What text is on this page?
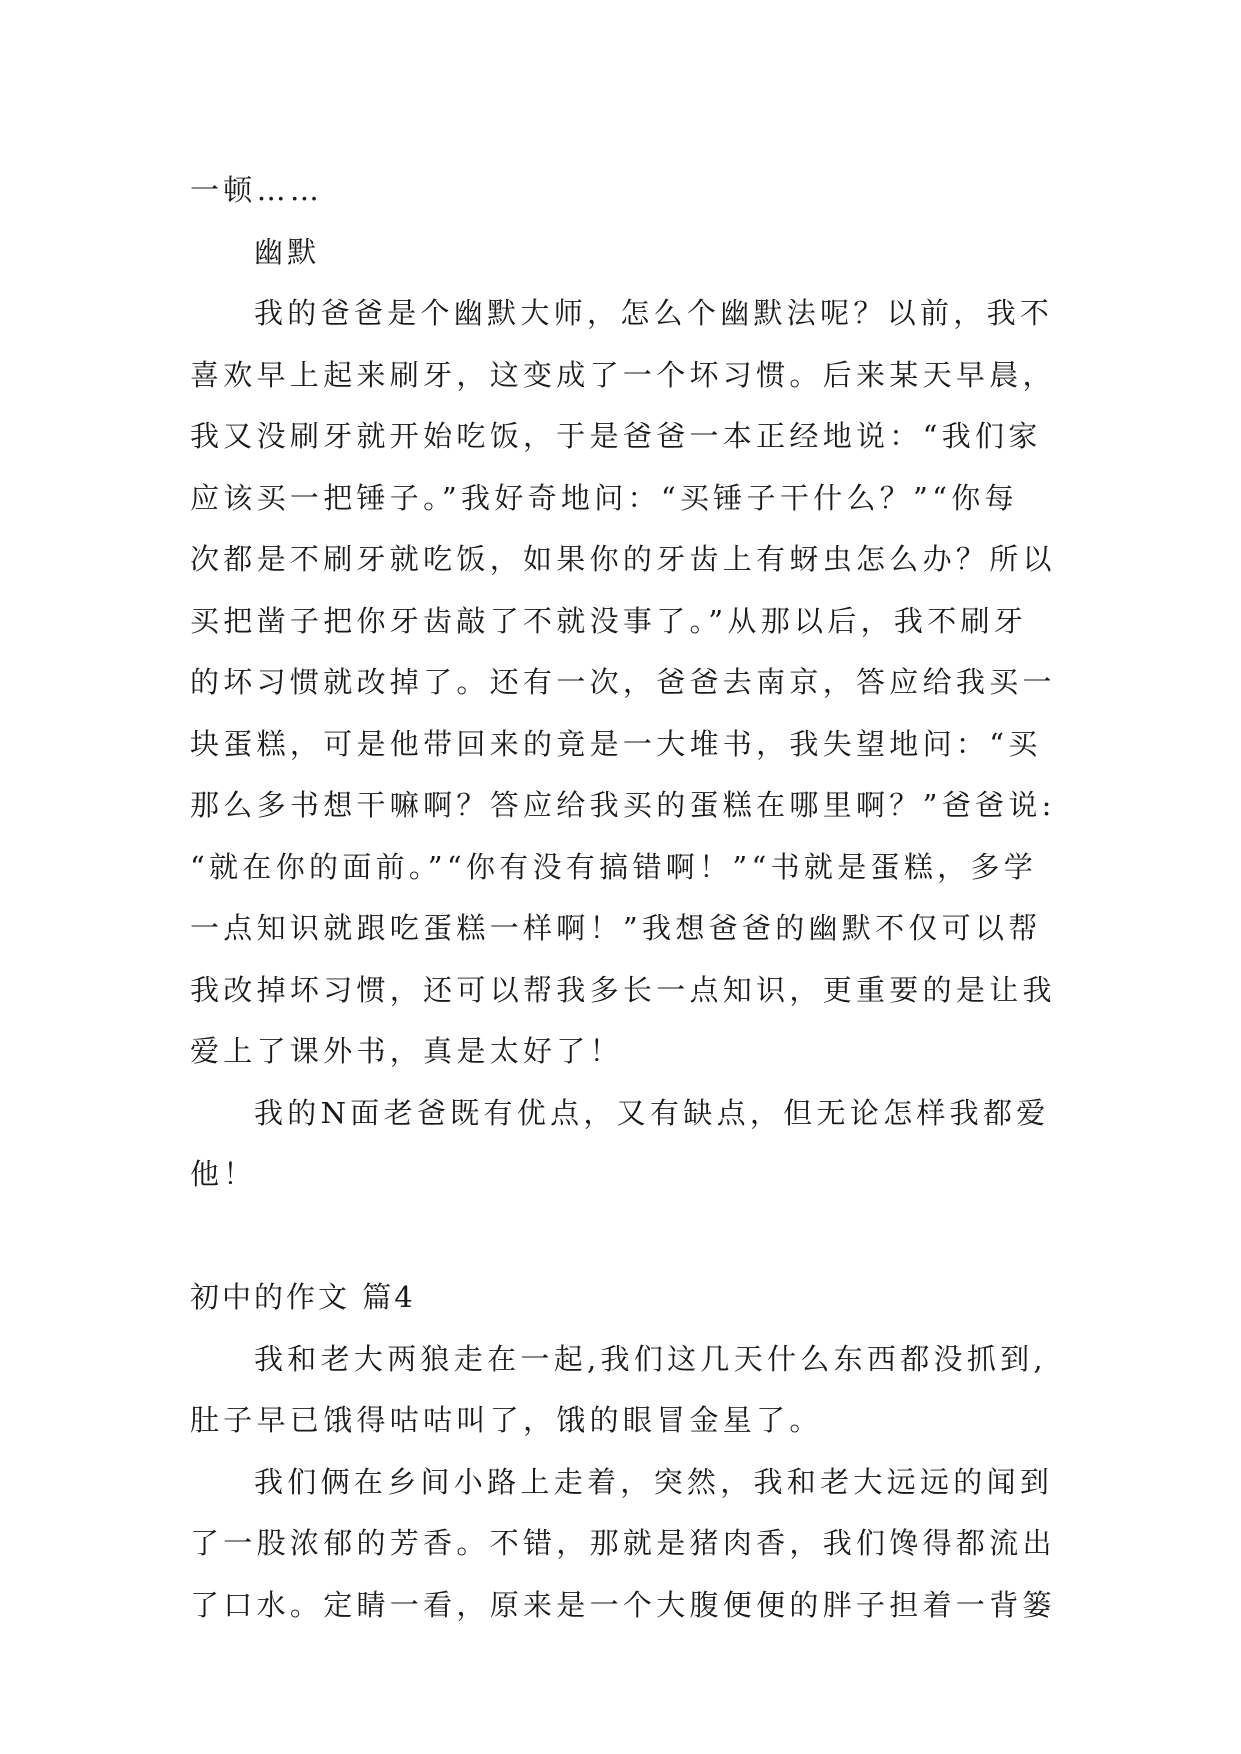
一顿……
幽默
我的爸爸是个幽默大师，怎么个幽默法呢？以前，我不
喜欢早上起来刷牙，这变成了一个坏习惯。后来某天早晨，
我又没刷牙就开始吃饭，于是爸爸一本正经地说：“我们家
应该买一把锤子。”我好奇地问：“买锤子干什么？”“你每
次都是不刷牙就吃饭，如果你的牙齿上有蚜虫怎么办？所以
买把凿子把你牙齿敲了不就没事了。”从那以后，我不刷牙
的坏习惯就改掉了。还有一次，爸爸去南京，答应给我买一
块蛋糕，可是他带回来的竟是一大堆书，我失望地问：“买
那么多书想干嘛啊？答应给我买的蛋糕在哪里啊？”爸爸说:
“就在你的面前。”“你有没有搞错啊！”“书就是蛋糕，多学
一点知识就跟吃蛋糕一样啊！”我想爸爸的幽默不仅可以帮
我改掉坏习惯，还可以帮我多长一点知识，更重要的是让我
爱上了课外书，真是太好了！
我的N面老爸既有优点，又有缺点，但无论怎样我都爱
他！
初中的作文 篇4
我和老大两狼走在一起,我们这几天什么东西都没抓到,
肚子早已饿得咕咕叫了，饿的眼冒金星了。
我们俩在乡间小路上走着，突然，我和老大远远的闻到
了一股浓郁的芳香。不错，那就是猪肉香，我们馋得都流出
了口水。定睛一看，原来是一个大腹便便的胖子担着一背篓
